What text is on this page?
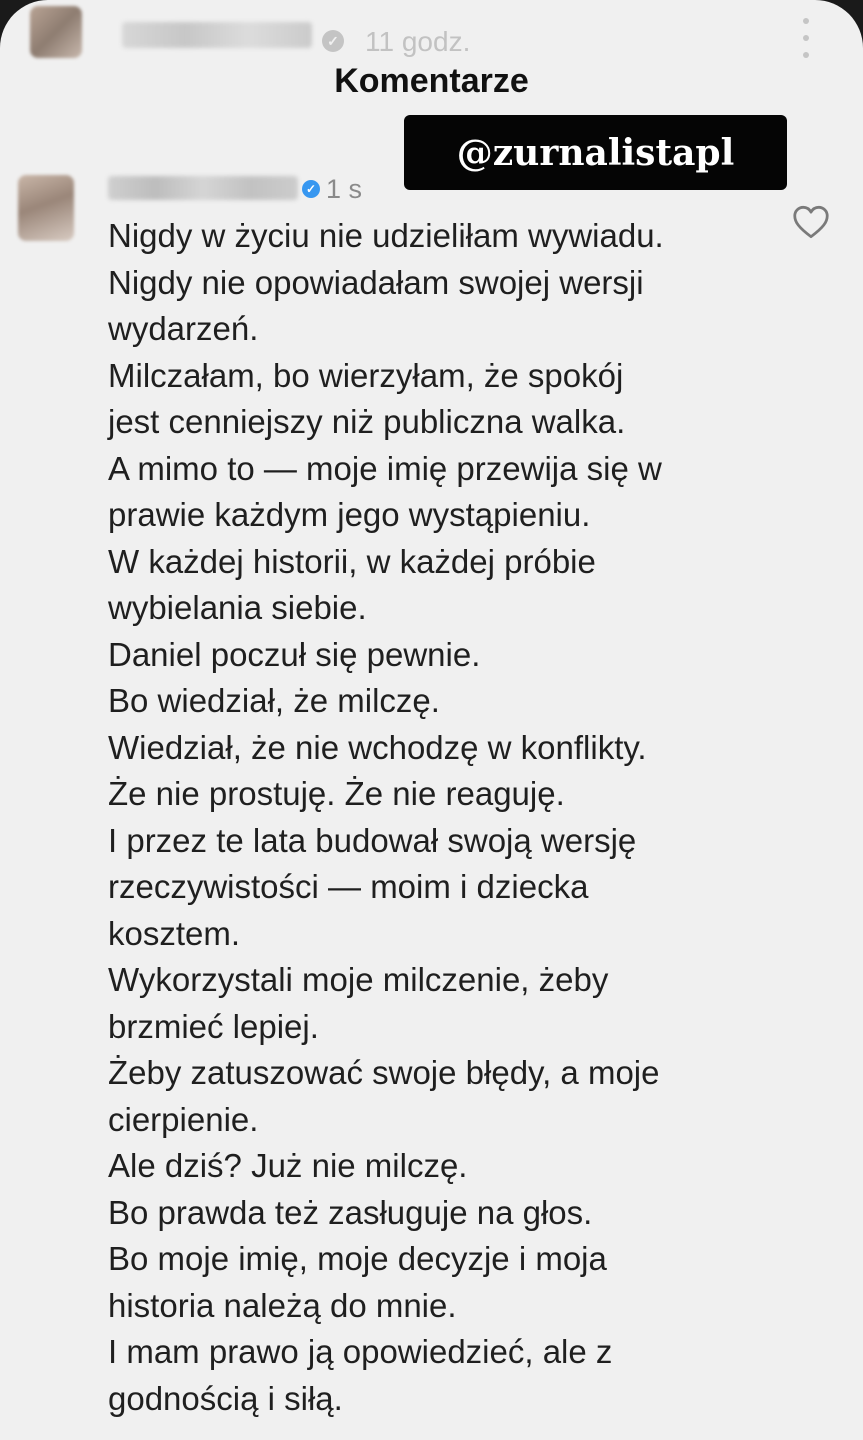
✓ 11 godz.
Komentarze
@zurnalistapl
✓ 1 s
Nigdy w życiu nie udzieliłam wywiadu.
Nigdy nie opowiadałam swojej wersji
wydarzeń.
Milczałam, bo wierzyłam, że spokój
jest cenniejszy niż publiczna walka.
A mimo to — moje imię przewija się w
prawie każdym jego wystąpieniu.
W każdej historii, w każdej próbie
wybielania siebie.
Daniel poczuł się pewnie.
Bo wiedział, że milczę.
Wiedział, że nie wchodzę w konflikty.
Że nie prostuję. Że nie reaguję.
I przez te lata budował swoją wersję
rzeczywistości — moim i dziecka
kosztem.
Wykorzystali moje milczenie, żeby
brzmieć lepiej.
Żeby zatuszować swoje błędy, a moje
cierpienie.
Ale dziś? Już nie milczę.
Bo prawda też zasługuje na głos.
Bo moje imię, moje decyzje i moja
historia należą do mnie.
I mam prawo ją opowiedzieć, ale z
godnością i siłą.
